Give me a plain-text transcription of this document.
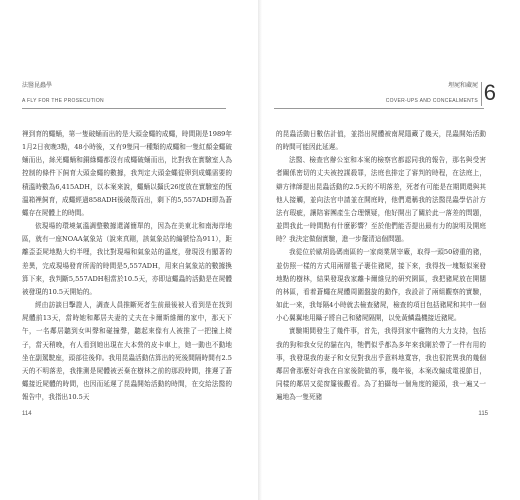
法醫昆蟲學
A FLY FOR THE PROSECUTION

裡到育的蠅蛹，第一隻破蛹而出的是大頭金蠅的成蠅，時間則是1989年1月2日夜晚3點，48小時後，又有9隻同一種類的成蠅和一隻紅顏金蠅破蛹而出，絲光蠅蛹和銅綠蠅都沒有成蠅破蛹而出，比對我在實驗室人為控制的條件下飼育大頭金蠅的數據，我判定大頭金蠅從卵到成蠅需要的積溫時數為6,415ADH，以本案來說，蠅蛹以攝氏26度放在實驗室的恆溫箱裡飼育，成蠅經過858ADH後破殼而出，剩下的5,557ADH即為蒼蠅存在屍體上的時間。

依現場的環境氣溫調整數據還滿簡單的，因為在美東北和南海岸地區，就有一座NOAA氣象站（說來真剛，該氣象站的編號恰為911），距離歪歪屍地點大約半哩，我比對現場和氣象站的溫度，發現沒有顯著的差異，完成現場發育所需的時間是5,557ADH，用來自氣象站的數據換算下來，我判斷5,557ADH相當於10.5天，亦即這蠅蟲的活動是在屍體被發現的10.5天開始的。

經由訪談目擊證人，調查人員推斷死者生前最後被人看到是在找到屍體前13天，當時她和鄰居夫妻的丈夫在卡爾斯維爾的家中，那天下午，一名鄰居聽到女叫聲和碰撞聲，聽起來像有人被推了一把撞上椅子，當天稍晚，有人看到她出現在大本營的皮卡車上，她一動也不動地坐在副駕駛座，頭部往後仰。我用昆蟲活動估算出的死後間隔時間有2.5天的不明落差，我推測是屍體被丟棄在樹林之前的那段時間，推遲了蒼蠅接近屍體的時間，也因而延遲了昆蟲開始活動的時間，在交給法醫的報告中，我指出10.5天

114
埋屍和藏屍
COVER-UPS AND CONCEALMENTS 6

的昆蟲活動日數估計值，並指出屍體被南屍隱藏了幾天，昆蟲開始活動的時間可能因此延遲。

法醫、檢查官辦公室和本案的檢察官都認同我的報告，那名與受害者關係密切的丈夫被控謀殺罪，法庭也排定了審判的時程，在法庭上，辯方律師提出昆蟲活動的2.5天的不明落差，死者有可能是在期間還與其他人接觸，並向法官申請並在開庭時，他們還稱我的法醫昆蟲學估計方法有瑕疵，讓陪審團產生合理懷疑，他好開出了關於此一落差的問題，並問我此一時間點有什麼影響？至於他們能否提出最有力的說明及開庭時？我決定做個實驗，進一步釐清這個問題。

我從位於歐胡島碼南區的一家商業屠宰廠，取得一頭50磅重的豬，並仿照一樣的方式用兩層毯子裹住豬屍，接下來，我得找一塊類似案發地點的樹林，結果發現我家離卡爾維兒的研究園區，我把豬屍放在開闊的林區，看着蒼蠅在屍體周圍盤旋的動作，我設計了兩組觀察的實驗，如此一來，我每隔4小時就去檢查豬屍，檢查的項目包括豬屍和其中一個小心翼翼地用鑷子將自己和豬屍隔開，以免黃鱗蟲機接近豬屍。

實驗期間發生了幾件事，首先，我得到家中寵物的大力支持，包括我的狗和我女兒的貓在內，牠們似乎都為多年來我剛於帶了一件有用的事，我發現我的妻子和女兒對我出乎意料地寬容，我也很詫異我的幾個鄰居會那麼好奇我在自家後院做的事，幾年後，本案改編成電視節目，同樣的鄰居又從窗簾後觀看。為了拍攝每一個角度的鏡頭，我一遍又一遍地為一隻死豬

115
